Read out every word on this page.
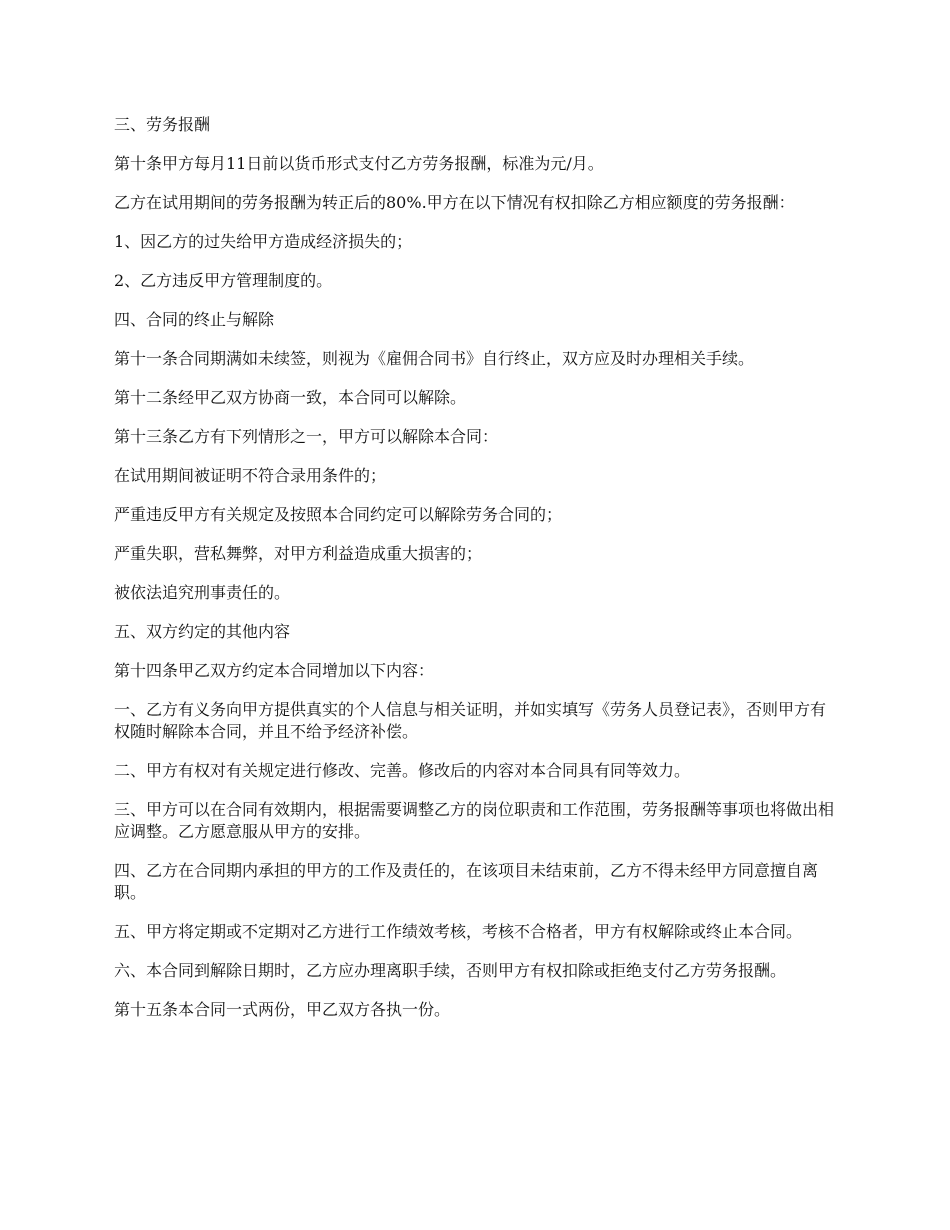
三、劳务报酬

第十条甲方每月11日前以货币形式支付乙方劳务报酬，标准为元/月。

乙方在试用期间的劳务报酬为转正后的80%.甲方在以下情况有权扣除乙方相应额度的劳务报酬：

1、因乙方的过失给甲方造成经济损失的；

2、乙方违反甲方管理制度的。

四、合同的终止与解除

第十一条合同期满如未续签，则视为《雇佣合同书》自行终止，双方应及时办理相关手续。

第十二条经甲乙双方协商一致，本合同可以解除。

第十三条乙方有下列情形之一，甲方可以解除本合同：

在试用期间被证明不符合录用条件的；

严重违反甲方有关规定及按照本合同约定可以解除劳务合同的；

严重失职，营私舞弊，对甲方利益造成重大损害的；

被依法追究刑事责任的。

五、双方约定的其他内容

第十四条甲乙双方约定本合同增加以下内容：

一、乙方有义务向甲方提供真实的个人信息与相关证明，并如实填写《劳务人员登记表》，否则甲方有权随时解除本合同，并且不给予经济补偿。

二、甲方有权对有关规定进行修改、完善。修改后的内容对本合同具有同等效力。

三、甲方可以在合同有效期内，根据需要调整乙方的岗位职责和工作范围，劳务报酬等事项也将做出相应调整。乙方愿意服从甲方的安排。

四、乙方在合同期内承担的甲方的工作及责任的，在该项目未结束前，乙方不得未经甲方同意擅自离职。

五、甲方将定期或不定期对乙方进行工作绩效考核，考核不合格者，甲方有权解除或终止本合同。

六、本合同到解除日期时，乙方应办理离职手续，否则甲方有权扣除或拒绝支付乙方劳务报酬。

第十五条本合同一式两份，甲乙双方各执一份。
